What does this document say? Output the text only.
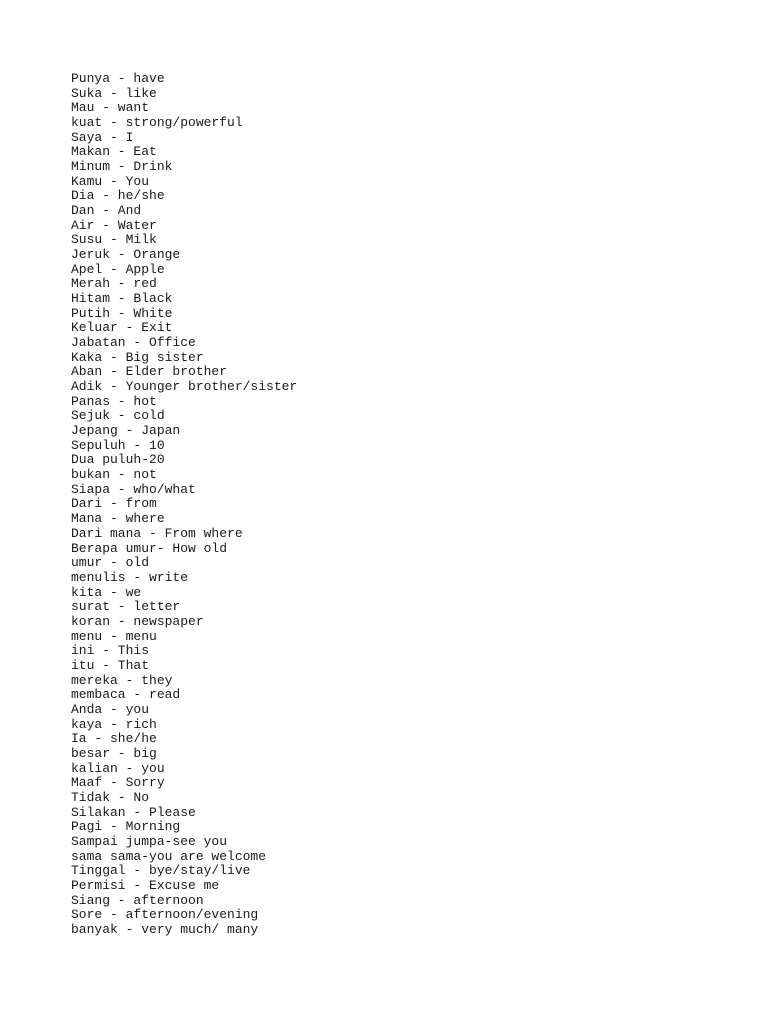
Punya - have
Suka - like
Mau - want
kuat - strong/powerful
Saya - I
Makan - Eat
Minum - Drink
Kamu - You
Dia - he/she
Dan - And
Air - Water
Susu - Milk
Jeruk - Orange
Apel - Apple
Merah - red
Hitam - Black
Putih - White
Keluar - Exit
Jabatan - Office
Kaka - Big sister
Aban - Elder brother
Adik - Younger brother/sister
Panas - hot
Sejuk - cold
Jepang - Japan
Sepuluh - 10
Dua puluh-20
bukan - not
Siapa - who/what
Dari - from
Mana - where
Dari mana - From where
Berapa umur- How old
umur - old
menulis - write
kita - we
surat - letter
koran - newspaper
menu - menu
ini - This
itu - That
mereka - they
membaca - read
Anda - you
kaya - rich
Ia - she/he
besar - big
kalian - you
Maaf - Sorry
Tidak - No
Silakan - Please
Pagi - Morning
Sampai jumpa-see you
sama sama-you are welcome
Tinggal - bye/stay/live
Permisi - Excuse me
Siang - afternoon
Sore - afternoon/evening
banyak - very much/ many
